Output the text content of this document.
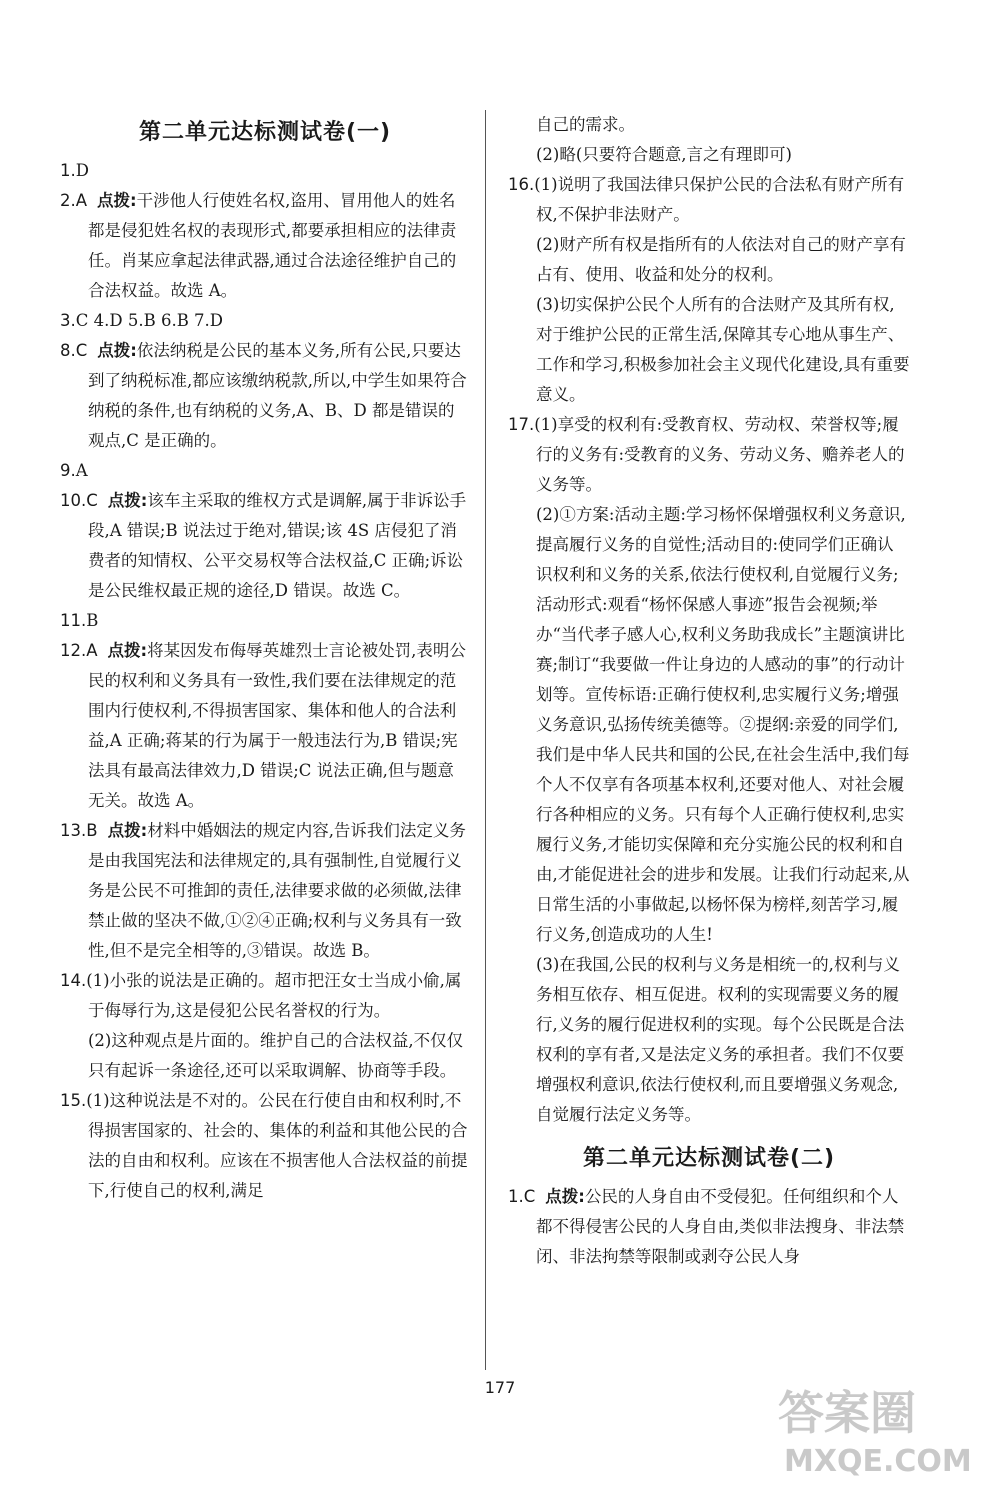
第二单元达标测试卷(一)

1.D

2.A 点拨:干涉他人行使姓名权,盗用、冒用他人的姓名都是侵犯姓名权的表现形式,都要承担相应的法律责任。肖某应拿起法律武器,通过合法途径维护自己的合法权益。故选 A。

3.C 4.D 5.B 6.B 7.D

8.C 点拨:依法纳税是公民的基本义务,所有公民,只要达到了纳税标准,都应该缴纳税款,所以,中学生如果符合纳税的条件,也有纳税的义务,A、B、D 都是错误的观点,C 是正确的。

9.A

10.C 点拨:该车主采取的维权方式是调解,属于非诉讼手段,A 错误;B 说法过于绝对,错误;该 4S 店侵犯了消费者的知情权、公平交易权等合法权益,C 正确;诉讼是公民维权最正规的途径,D 错误。故选 C。

11.B

12.A 点拨:将某因发布侮辱英雄烈士言论被处罚,表明公民的权利和义务具有一致性,我们要在法律规定的范围内行使权利,不得损害国家、集体和他人的合法利益,A 正确;蒋某的行为属于一般违法行为,B 错误;宪法具有最高法律效力,D 错误;C 说法正确,但与题意无关。故选 A。

13.B 点拨:材料中婚姻法的规定内容,告诉我们法定义务是由我国宪法和法律规定的,具有强制性,自觉履行义务是公民不可推卸的责任,法律要求做的必须做,法律禁止做的坚决不做,①②④正确;权利与义务具有一致性,但不是完全相等的,③错误。故选 B。

14.(1)小张的说法是正确的。超市把汪女士当成小偷,属于侮辱行为,这是侵犯公民名誉权的行为。

(2)这种观点是片面的。维护自己的合法权益,不仅仅只有起诉一条途径,还可以采取调解、协商等手段。

15.(1)这种说法是不对的。公民在行使自由和权利时,不得损害国家的、社会的、集体的利益和其他公民的合法的自由和权利。应该在不损害他人合法权益的前提下,行使自己的权利,满足

自己的需求。

(2)略(只要符合题意,言之有理即可)

16.(1)说明了我国法律只保护公民的合法私有财产所有权,不保护非法财产。

(2)财产所有权是指所有的人依法对自己的财产享有占有、使用、收益和处分的权利。

(3)切实保护公民个人所有的合法财产及其所有权,对于维护公民的正常生活,保障其专心地从事生产、工作和学习,积极参加社会主义现代化建设,具有重要意义。

17.(1)享受的权利有:受教育权、劳动权、荣誉权等;履行的义务有:受教育的义务、劳动义务、赡养老人的义务等。

(2)①方案:活动主题:学习杨怀保增强权利义务意识,提高履行义务的自觉性;活动目的:使同学们正确认识权利和义务的关系,依法行使权利,自觉履行义务;活动形式:观看“杨怀保感人事迹”报告会视频;举办“当代孝子感人心,权利义务助我成长”主题演讲比赛;制订“我要做一件让身边的人感动的事”的行动计划等。宣传标语:正确行使权利,忠实履行义务;增强义务意识,弘扬传统美德等。②提纲:亲爱的同学们,我们是中华人民共和国的公民,在社会生活中,我们每个人不仅享有各项基本权利,还要对他人、对社会履行各种相应的义务。只有每个人正确行使权利,忠实履行义务,才能切实保障和充分实施公民的权利和自由,才能促进社会的进步和发展。让我们行动起来,从日常生活的小事做起,以杨怀保为榜样,刻苦学习,履行义务,创造成功的人生!

(3)在我国,公民的权利与义务是相统一的,权利与义务相互依存、相互促进。权利的实现需要义务的履行,义务的履行促进权利的实现。每个公民既是合法权利的享有者,又是法定义务的承担者。我们不仅要增强权利意识,依法行使权利,而且要增强义务观念,自觉履行法定义务等。

第二单元达标测试卷(二)

1.C 点拨:公民的人身自由不受侵犯。任何组织和个人都不得侵害公民的人身自由,类似非法搜身、非法禁闭、非法拘禁等限制或剥夺公民人身

177	答案圈
MXQE.COM
